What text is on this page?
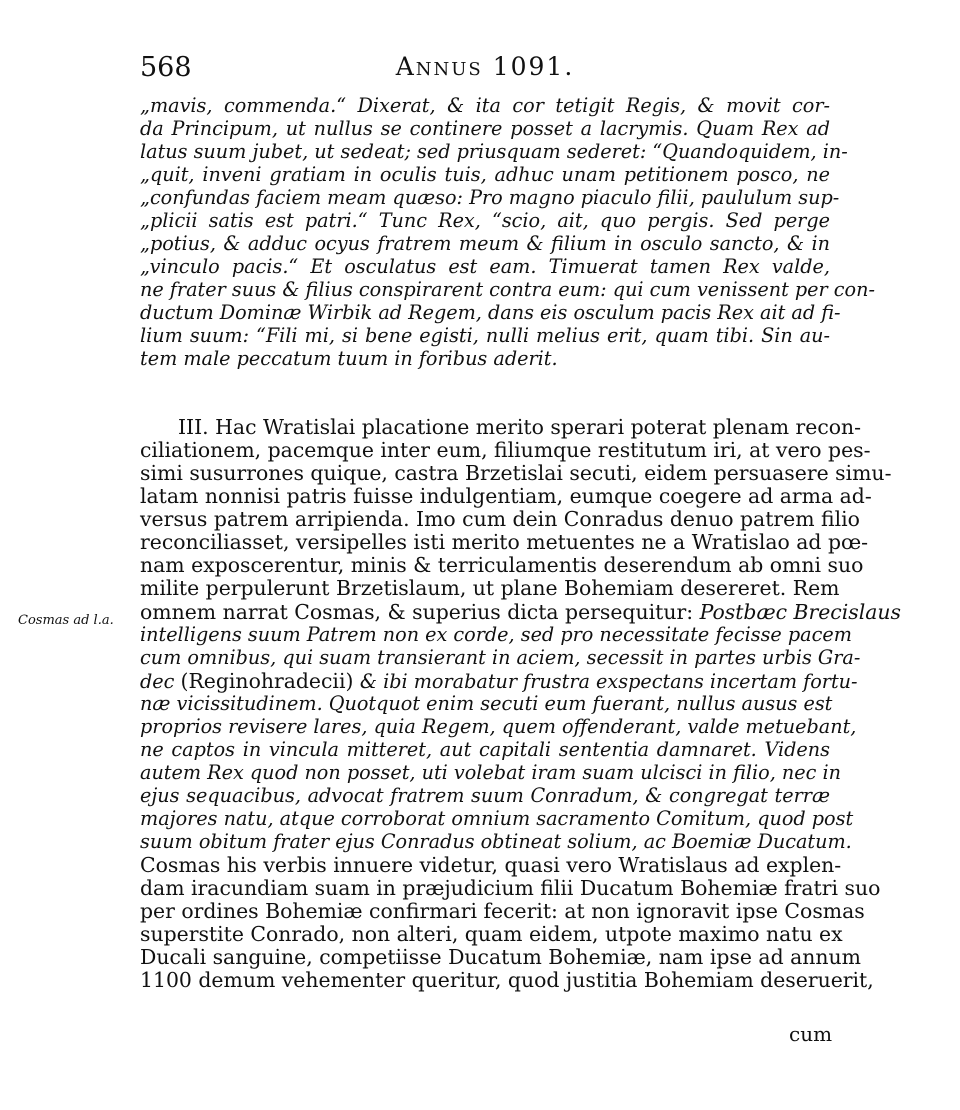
568	Annus 1091.
„mavis, commenda.“ Dixerat, & ita cor tetigit Regis, & movit cor-
da Principum, ut nullus se continere posset a lacrymis. Quam Rex ad
latus suum jubet, ut sedeat; sed priusquam sederet: “Quandoquidem, in-
„quit, inveni gratiam in oculis tuis, adhuc unam petitionem posco, ne
„confundas faciem meam quæso: Pro magno piaculo filii, paululum sup-
„plicii satis est patri.“ Tunc Rex, “scio, ait, quo pergis. Sed perge
„potius, & adduc ocyus fratrem meum & filium in osculo sancto, & in
„vinculo pacis.“ Et osculatus est eam. Timuerat tamen Rex valde,
ne frater suus & filius conspirarent contra eum: qui cum venissent per con-
ductum Dominæ Wirbik ad Regem, dans eis osculum pacis Rex ait ad fi-
lium suum: “Fili mi, si bene egisti, nulli melius erit, quam tibi. Sin au-
tem male peccatum tuum in foribus aderit.
III. Hac Wratislai placatione merito sperari poterat plenam recon-
ciliationem, pacemque inter eum, filiumque restitutum iri, at vero pes-
simi susurrones quique, castra Brzetislai secuti, eidem persuasere simu-
latam nonnisi patris fuisse indulgentiam, eumque coegere ad arma ad-
versus patrem arripienda. Imo cum dein Conradus denuo patrem filio
reconciliasset, versipelles isti merito metuentes ne a Wratislao ad pœ-
nam exposcerentur, minis & terriculamentis deserendum ab omni suo
milite perpulerunt Brzetislaum, ut plane Bohemiam desereret. Rem
omnem narrat Cosmas, & superius dicta persequitur: Postbæc Brecislaus
intelligens suum Patrem non ex corde, sed pro necessitate fecisse pacem
cum omnibus, qui suam transierant in aciem, secessit in partes urbis Gra-
dec (Reginohradecii) & ibi morabatur frustra exspectans incertam fortu-
næ vicissitudinem. Quotquot enim secuti eum fuerant, nullus ausus est
proprios revisere lares, quia Regem, quem offenderant, valde metuebant,
ne captos in vincula mitteret, aut capitali sententia damnaret. Videns
autem Rex quod non posset, uti volebat iram suam ulcisci in filio, nec in
ejus sequacibus, advocat fratrem suum Conradum, & congregat terræ
majores natu, atque corroborat omnium sacramento Comitum, quod post
suum obitum frater ejus Conradus obtineat solium, ac Boemiæ Ducatum.
Cosmas his verbis innuere videtur, quasi vero Wratislaus ad explen-
dam iracundiam suam in præjudicium filii Ducatum Bohemiæ fratri suo
per ordines Bohemiæ confirmari fecerit: at non ignoravit ipse Cosmas
superstite Conrado, non alteri, quam eidem, utpote maximo natu ex
Ducali sanguine, competiisse Ducatum Bohemiæ, nam ipse ad annum
1100 demum vehementer queritur, quod justitia Bohemiam deseruerit,
Cosmas ad l.a.
cum
